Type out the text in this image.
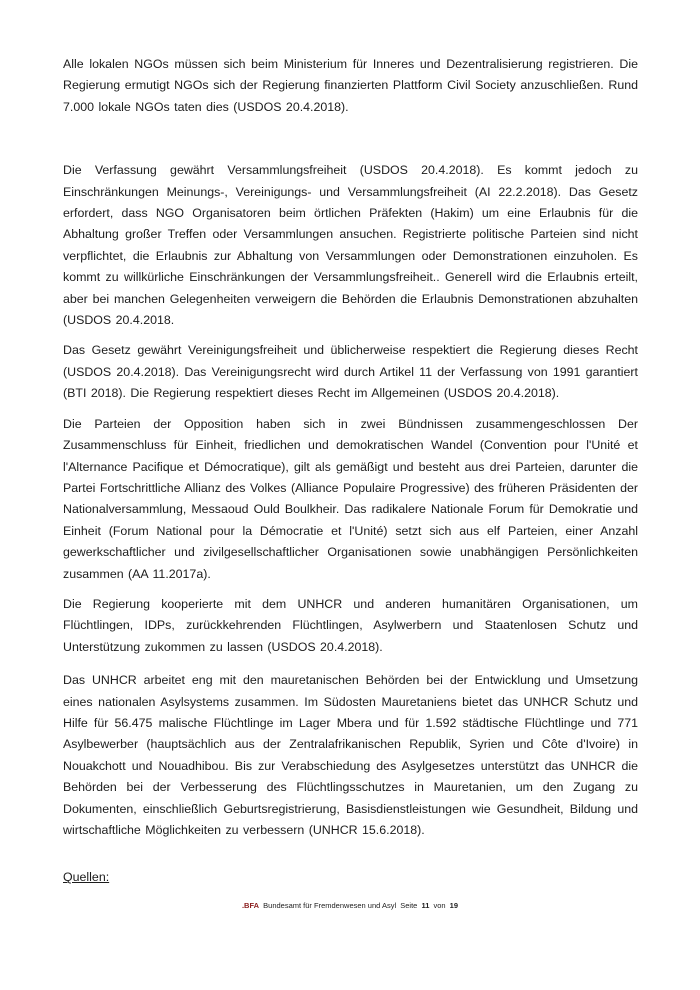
Alle lokalen NGOs müssen sich beim Ministerium für Inneres und Dezentralisierung registrieren. Die Regierung ermutigt NGOs sich der Regierung finanzierten Plattform Civil Society anzuschließen. Rund 7.000 lokale NGOs taten dies (USDOS 20.4.2018).

Die Verfassung gewährt Versammlungsfreiheit (USDOS 20.4.2018). Es kommt jedoch zu Einschränkungen Meinungs-, Vereinigungs- und Versammlungsfreiheit (AI 22.2.2018). Das Gesetz erfordert, dass NGO Organisatoren beim örtlichen Präfekten (Hakim) um eine Erlaubnis für die Abhaltung großer Treffen oder Versammlungen ansuchen. Registrierte politische Parteien sind nicht verpflichtet, die Erlaubnis zur Abhaltung von Versammlungen oder Demonstrationen einzuholen. Es kommt zu willkürliche Einschränkungen der Versammlungsfreiheit.. Generell wird die Erlaubnis erteilt, aber bei manchen Gelegenheiten verweigern die Behörden die Erlaubnis Demonstrationen abzuhalten (USDOS 20.4.2018.

Das Gesetz gewährt Vereinigungsfreiheit und üblicherweise respektiert die Regierung dieses Recht (USDOS 20.4.2018). Das Vereinigungsrecht wird durch Artikel 11 der Verfassung von 1991 garantiert (BTI 2018). Die Regierung respektiert dieses Recht im Allgemeinen (USDOS 20.4.2018).

Die Parteien der Opposition haben sich in zwei Bündnissen zusammengeschlossen Der Zusammenschluss für Einheit, friedlichen und demokratischen Wandel (Convention pour l'Unité et l'Alternance Pacifique et Démocratique), gilt als gemäßigt und besteht aus drei Parteien, darunter die Partei Fortschrittliche Allianz des Volkes (Alliance Populaire Progressive) des früheren Präsidenten der Nationalversammlung, Messaoud Ould Boulkheir. Das radikalere Nationale Forum für Demokratie und Einheit (Forum National pour la Démocratie et l'Unité) setzt sich aus elf Parteien, einer Anzahl gewerkschaftlicher und zivilgesellschaftlicher Organisationen sowie unabhängigen Persönlichkeiten zusammen (AA 11.2017a).

Die Regierung kooperierte mit dem UNHCR und anderen humanitären Organisationen, um Flüchtlingen, IDPs, zurückkehrenden Flüchtlingen, Asylwerbern und Staatenlosen Schutz und Unterstützung zukommen zu lassen (USDOS 20.4.2018).

Das UNHCR arbeitet eng mit den mauretanischen Behörden bei der Entwicklung und Umsetzung eines nationalen Asylsystems zusammen. Im Südosten Mauretaniens bietet das UNHCR Schutz und Hilfe für 56.475 malische Flüchtlinge im Lager Mbera und für 1.592 städtische Flüchtlinge und 771 Asylbewerber (hauptsächlich aus der Zentralafrikanischen Republik, Syrien und Côte d'Ivoire) in Nouakchott und Nouadhibou. Bis zur Verabschiedung des Asylgesetzes unterstützt das UNHCR die Behörden bei der Verbesserung des Flüchtlingsschutzes in Mauretanien, um den Zugang zu Dokumenten, einschließlich Geburtsregistrierung, Basisdienstleistungen wie Gesundheit, Bildung und wirtschaftliche Möglichkeiten zu verbessern (UNHCR 15.6.2018).

Quellen:

.BFA Bundesamt für Fremdenwesen und Asyl Seite 11 von 19
